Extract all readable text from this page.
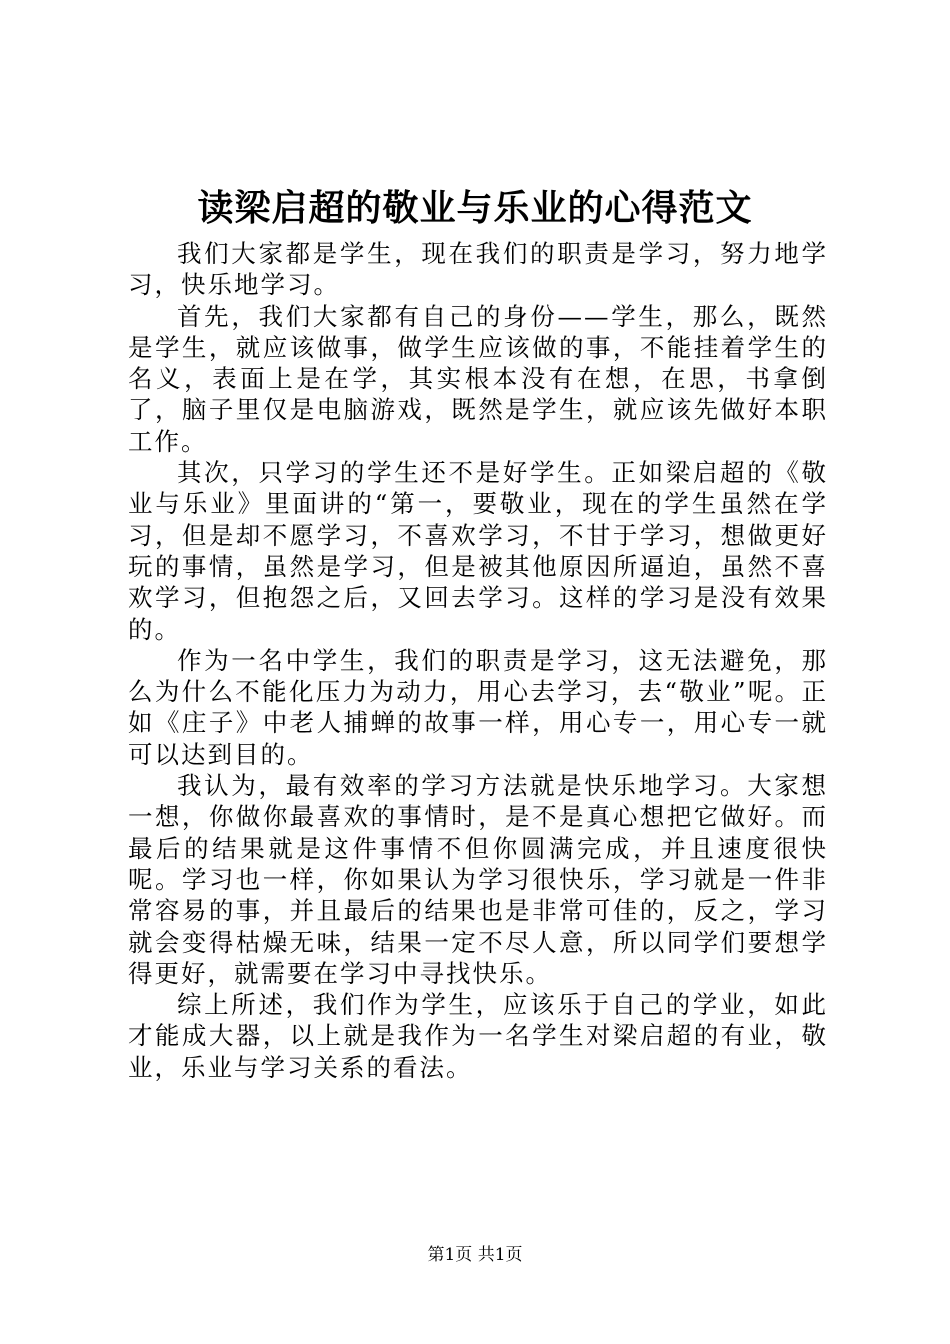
读梁启超的敬业与乐业的心得范文

我们大家都是学生，现在我们的职责是学习，努力地学习，快乐地学习。

首先，我们大家都有自己的身份——学生，那么，既然是学生，就应该做事，做学生应该做的事，不能挂着学生的名义，表面上是在学，其实根本没有在想，在思，书拿倒了，脑子里仅是电脑游戏，既然是学生，就应该先做好本职工作。

其次，只学习的学生还不是好学生。正如梁启超的《敬业与乐业》里面讲的“第一，要敬业，现在的学生虽然在学习，但是却不愿学习，不喜欢学习，不甘于学习，想做更好玩的事情，虽然是学习，但是被其他原因所逼迫，虽然不喜欢学习，但抱怨之后，又回去学习。这样的学习是没有效果的。

作为一名中学生，我们的职责是学习，这无法避免，那么为什么不能化压力为动力，用心去学习，去“敬业”呢。正如《庄子》中老人捕蝉的故事一样，用心专一，用心专一就可以达到目的。

我认为，最有效率的学习方法就是快乐地学习。大家想一想，你做你最喜欢的事情时，是不是真心想把它做好。而最后的结果就是这件事情不但你圆满完成，并且速度很快呢。学习也一样，你如果认为学习很快乐，学习就是一件非常容易的事，并且最后的结果也是非常可佳的，反之，学习就会变得枯燥无味，结果一定不尽人意，所以同学们要想学得更好，就需要在学习中寻找快乐。

综上所述，我们作为学生，应该乐于自己的学业，如此才能成大器，以上就是我作为一名学生对梁启超的有业，敬业，乐业与学习关系的看法。

第1页 共1页
